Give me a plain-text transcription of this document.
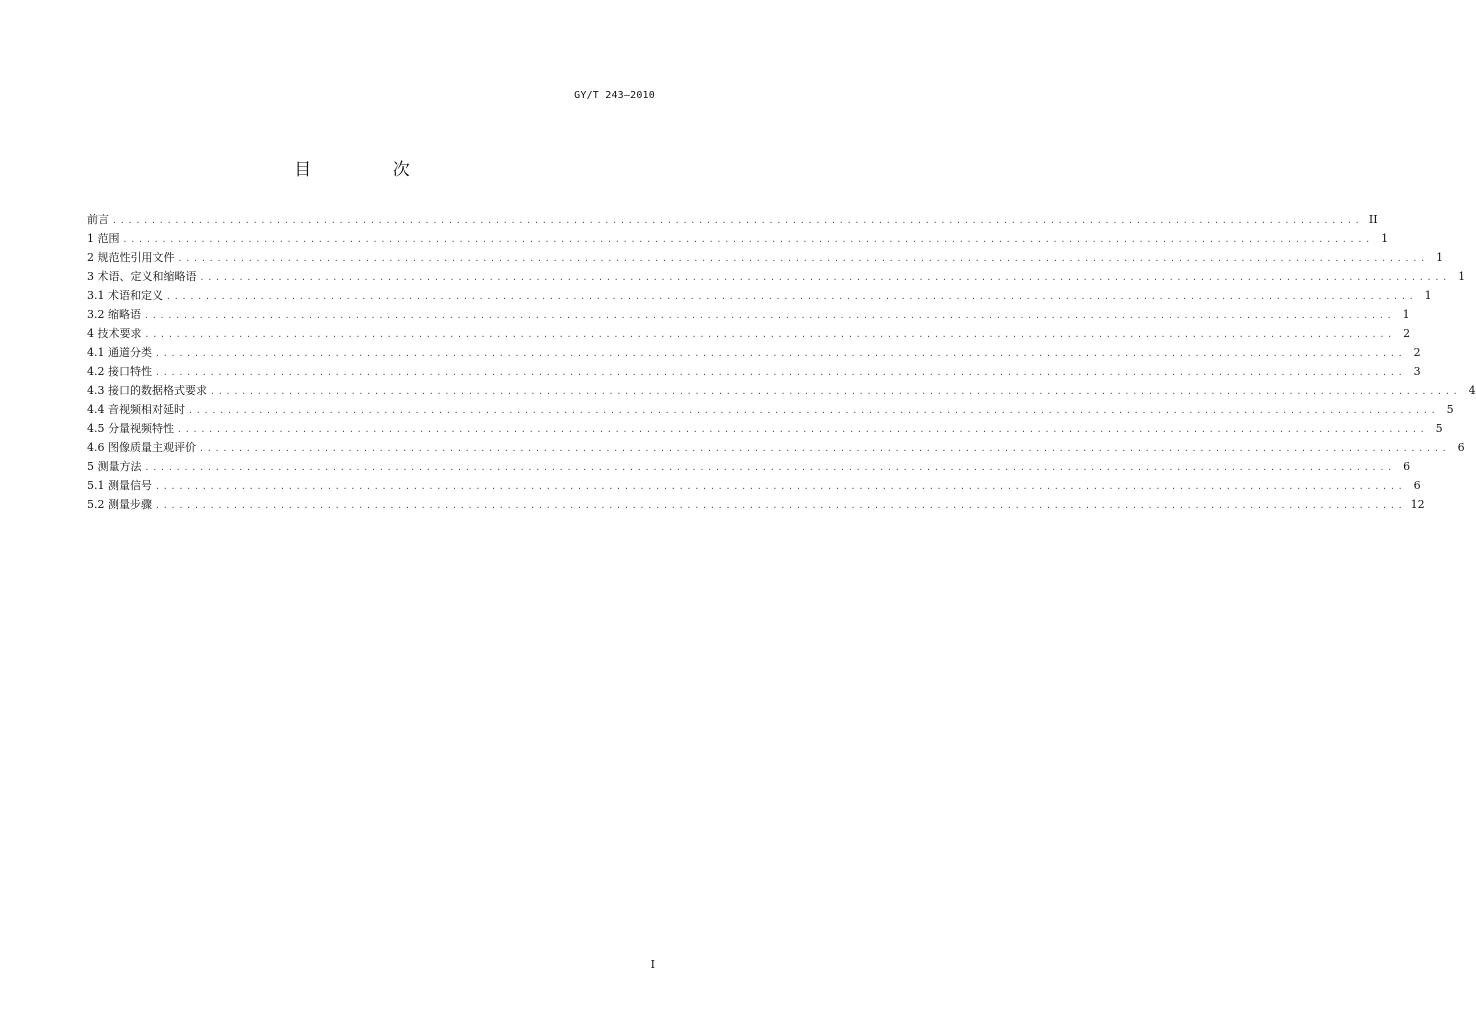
GY/T 243—2010
目 次
前言 ................................................................................................................................................................ II
1 范围 ................................................................................................................................................................ 1
2 规范性引用文件 ................................................................................................................................................................ 1
3 术语、定义和缩略语 ................................................................................................................................................................ 1
3.1 术语和定义 ................................................................................................................................................................ 1
3.2 缩略语 ................................................................................................................................................................ 1
4 技术要求 ................................................................................................................................................................ 2
4.1 通道分类 ................................................................................................................................................................ 2
4.2 接口特性 ................................................................................................................................................................ 3
4.3 接口的数据格式要求 ................................................................................................................................................................ 4
4.4 音视频相对延时 ................................................................................................................................................................ 5
4.5 分量视频特性 ................................................................................................................................................................ 5
4.6 图像质量主观评价 ................................................................................................................................................................ 6
5 测量方法 ................................................................................................................................................................ 6
5.1 测量信号 ................................................................................................................................................................ 6
5.2 测量步骤 ................................................................................................................................................................ 12
I
